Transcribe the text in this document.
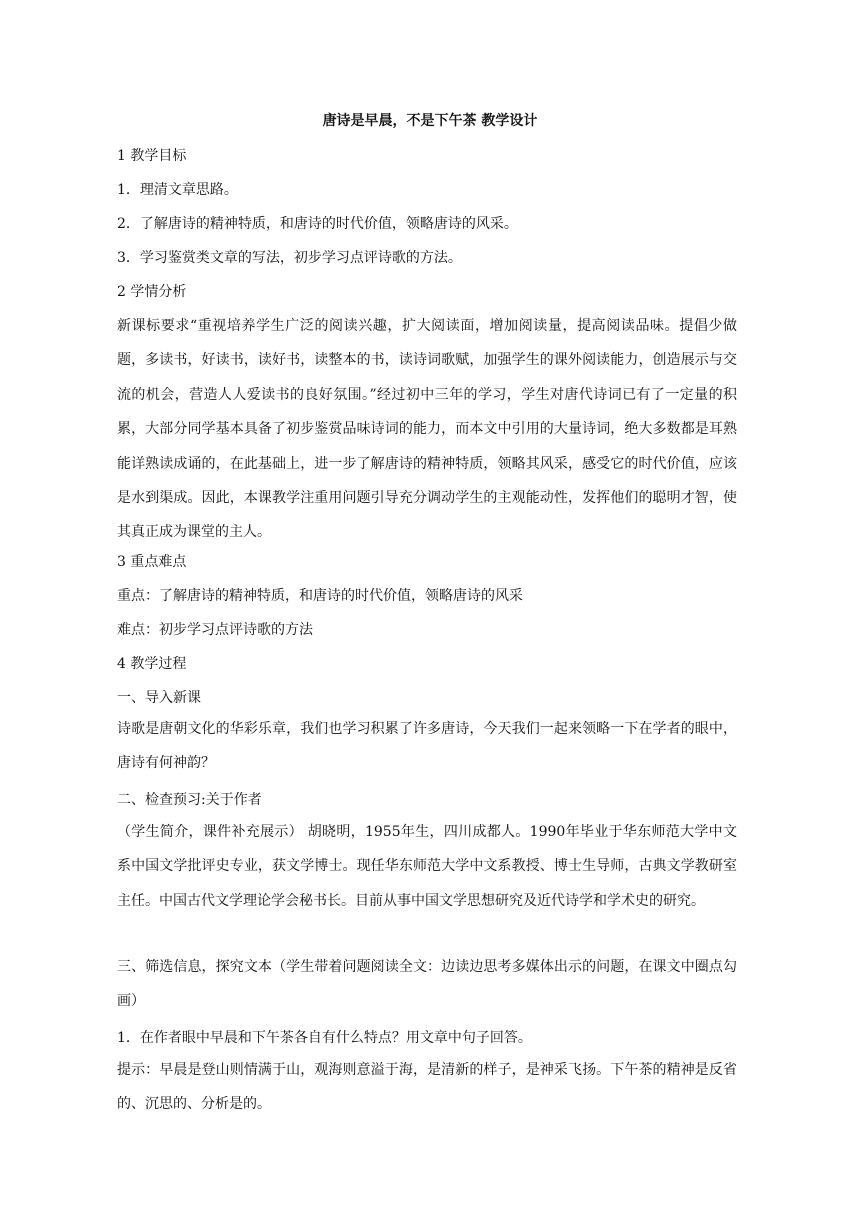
唐诗是早晨，不是下午茶 教学设计
1 教学目标
1．理清文章思路。
2．了解唐诗的精神特质，和唐诗的时代价值，领略唐诗的风采。
3．学习鉴赏类文章的写法，初步学习点评诗歌的方法。
2 学情分析
新课标要求“重视培养学生广泛的阅读兴趣，扩大阅读面，增加阅读量，提高阅读品味。提倡少做题，多读书，好读书，读好书，读整本的书，读诗词歌赋，加强学生的课外阅读能力，创造展示与交流的机会，营造人人爱读书的良好氛围。”经过初中三年的学习，学生对唐代诗词已有了一定量的积累，大部分同学基本具备了初步鉴赏品味诗词的能力，而本文中引用的大量诗词，绝大多数都是耳熟能详熟读成诵的，在此基础上，进一步了解唐诗的精神特质，领略其风采，感受它的时代价值，应该是水到渠成。因此，本课教学注重用问题引导充分调动学生的主观能动性，发挥他们的聪明才智，使其真正成为课堂的主人。
3 重点难点
重点：了解唐诗的精神特质，和唐诗的时代价值，领略唐诗的风采
难点：初步学习点评诗歌的方法
4 教学过程
一、导入新课
诗歌是唐朝文化的华彩乐章，我们也学习积累了许多唐诗，今天我们一起来领略一下在学者的眼中，唐诗有何神韵？
二、检查预习:关于作者
（学生简介，课件补充展示） 胡晓明，1955年生，四川成都人。1990年毕业于华东师范大学中文系中国文学批评史专业，获文学博士。现任华东师范大学中文系教授、博士生导师，古典文学教研室主任。中国古代文学理论学会秘书长。目前从事中国文学思想研究及近代诗学和学术史的研究。
三、筛选信息，探究文本（学生带着问题阅读全文：边读边思考多媒体出示的问题，在课文中圈点勾画）
1．在作者眼中早晨和下午茶各自有什么特点？用文章中句子回答。
提示：早晨是登山则情满于山，观海则意溢于海，是清新的样子，是神采飞扬。下午茶的精神是反省的、沉思的、分析是的。
